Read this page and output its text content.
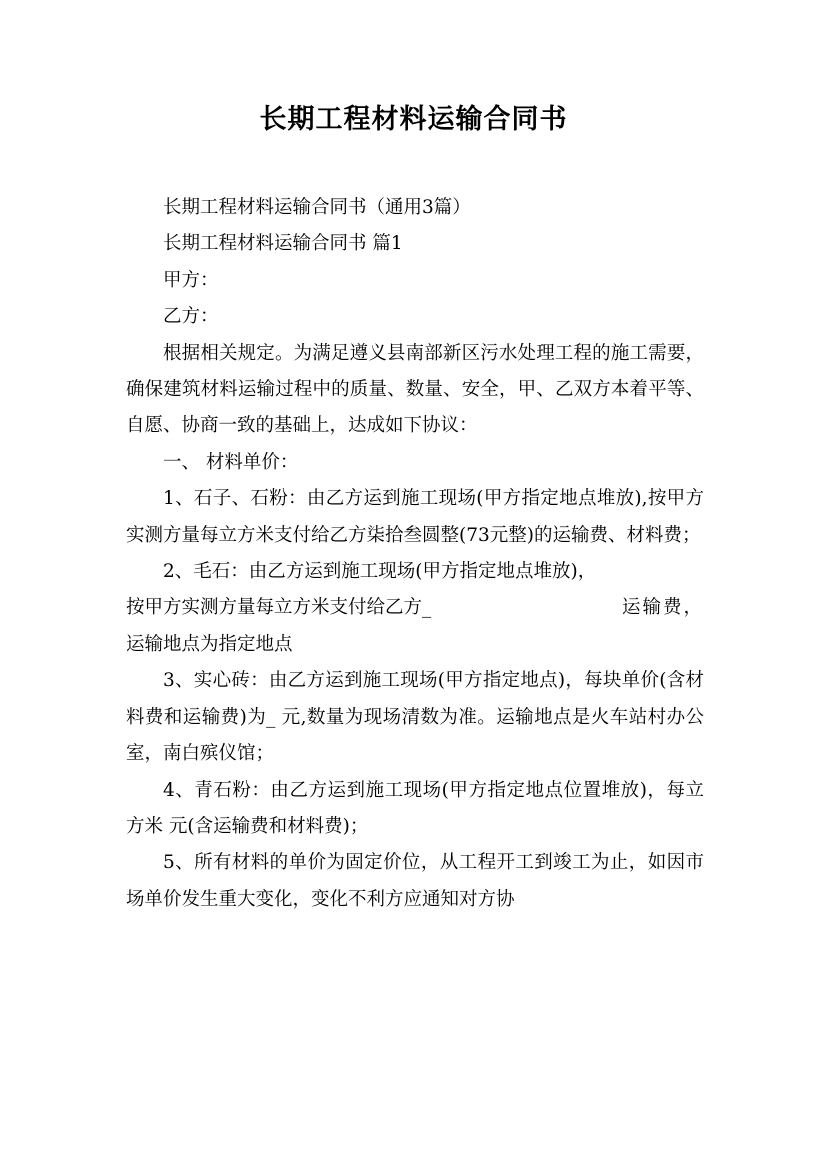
长期工程材料运输合同书

长期工程材料运输合同书（通用3篇）

长期工程材料运输合同书 篇1

甲方：

乙方：

根据相关规定。为满足遵义县南部新区污水处理工程的施工需要，确保建筑材料运输过程中的质量、数量、安全，甲、乙双方本着平等、自愿、协商一致的基础上，达成如下协议：

一、 材料单价：

1、石子、石粉：由乙方运到施工现场(甲方指定地点堆放),按甲方实测方量每立方米支付给乙方柒拾叁圆整(73元整)的运输费、材料费；

2、毛石：由乙方运到施工现场(甲方指定地点堆放)，

按甲方实测方量每立方米支付给乙方_	运输费，
运输地点为指定地点

3、实心砖：由乙方运到施工现场(甲方指定地点)，每块单价(含材料费和运输费)为_ 元,数量为现场清数为准。运输地点是火车站村办公室，南白殡仪馆；

4、青石粉：由乙方运到施工现场(甲方指定地点位置堆放)，每立方米 元(含运输费和材料费)；

5、所有材料的单价为固定价位，从工程开工到竣工为止，如因市场单价发生重大变化，变化不利方应通知对方协
